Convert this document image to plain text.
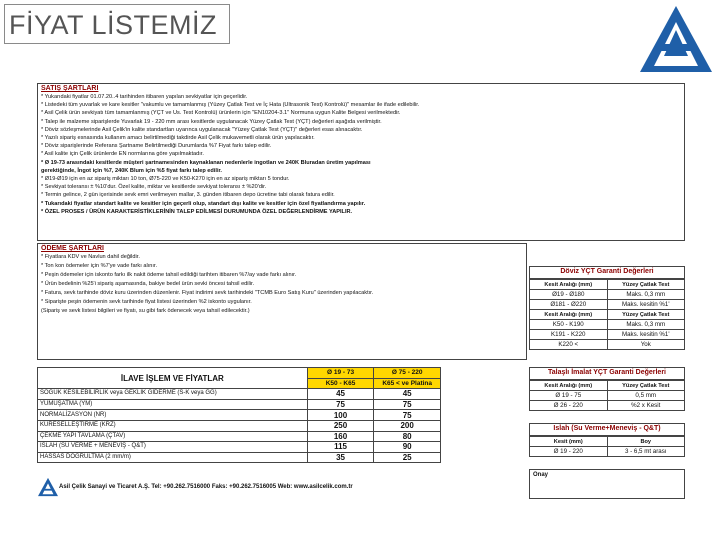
FİYAT LİSTEMİZ
SATIŞ ŞARTLARI
* Yukarıdaki fiyatlar 01.07.20..4 tarihinden itibaren yapılan sevkiyatlar için geçerlidir.
* Listedeki tüm yuvarlak ve kare kesitler "vakumlu ve tamamlanmış (Yüzey Çatlak Test ve İç Hata (Ultrasonik Test) Kontrolü)" mesamlar ile ifade edilebilir.
* Asil Çelik ürün sevkiyatı tüm tamamlanmış (YÇT ve Us. Test Kontrolü) ürünlerin için "EN10204-3.1" Normuna uygun Kalite Belgesi verilmektedir.
* Talep ile malzeme siparişlerde Yuvarlak 19 - 220 mm arası kesitlerde uygulanacak Yüzey Çatlak Test (YÇT) değerleri aşağıda verilmiştir.
* Döviz sözleşmelerinde Asil Çelik'in kalite standartları uyarınca uygulanacak "Yüzey Çatlak Test (YÇT)" değerleri esas alınacaktır.
* Yazılı sipariş esnasında kullanım amacı belirtilmediği takdirde Asil Çelik mukavemetli olarak ürün yapılacaktır.
* Döviz siparişlerinde Referans Şartname Belirtilmediği Durumlarda %7 Fiyat farkı talep edilir.
* Asil kalite için Çelik ürünlerde EN normlarına göre yapılmaktadır.
* Ø 19-73 arasındaki kesitlerde müşteri şartnamesinden kaynaklanan nedenlerle ingotları ve 240K Bluradan üretim yapılması
gerektiğinde, İngot için %7, 240K Blum için %5 fiyat farkı talep edilir.
* Ø19-Ø19 için en az sipariş miktarı 10 ton, Ø75-220 ve K50-K270 için en az sipariş miktarı 5 tondur.
* Sevkiyat toleransı ± %10'dur. Özel kalite, miktar ve kesitlerde sevkiyat toleransı ± %20'dir.
* Termin gelince, 2 gün içerisinde sevk emri verilmeyen mallar, 3. günden itibaren depo ücretine tabi olarak fatura edilir.
* Tukarıdaki fiyatlar standart kalite ve kesitler için geçerli olup, standart dışı kalite ve kesitler için özel fiyatlandırma yapılır.
* ÖZEL PROSES / ÜRÜN KARAKTERİSTİKLERİNİN TALEP EDİLMESİ DURUMUNDA ÖZEL DEĞERLENDİRME YAPILIR.
ÖDEME ŞARTLARI
* Fiyatlara KDV ve Navlun dahil değildir.
* Ton kon ödemeler için %7'ye vade farkı alınır.
* Peşin ödemeler için iskonto farkı ilk nakit ödeme tahsil edildiği tarihten itibaren %7/ay vade farkı alınır.
* Ürün bedelinin %25'i sipariş aşamasında, bakiye bedel ürün sevki öncesi tahsil edilir.
* Fatura, sevk tarihinde döviz kuru üzerinden düzenlenir. Fiyat indirimi sevk tarihindeki "TCMB Euro Satış Kuru" üzerinden yapılacaktır.
* Siparişte peşin ödemenin sevk tarihinde fiyat listesi üzerinden %2 iskonto uygulanır.
(Sipariş ve sevk listesi bilgileri ve fiyatı, su gibi fark ödenecek veya tahsil edilecektir.)
Döviz YÇT Garanti Değerleri
Kesit Aralığı (mm)	Yüzey Çatlak Test
Ø19 - Ø180	Maks. 0,3 mm
Ø181 - Ø220	Maks. kesitin %1'
Kesit Aralığı (mm)	Yüzey Çatlak Test
K50 - K190	Maks. 0,3 mm
K191 - K220	Maks. kesitin %1'
K220 <	Yok
İLAVE İŞLEM VE FİYATLAR	Ø 19 - 73	Ø 75 - 220
	K50 - K65	K65 < ve Platina
SOĞUK KESİLEBİLİRLİK veya GEKLİK GİDERME (S-K veya GG)	45	45
YUMUŞATMA (YM)	75	75
NORMALİZASYON (NR)	100	75
KÜRESELLEŞTİRME (KRZ)	250	200
ÇEKME YAPI TAVLAMA (ÇTAV)	160	80
ISLAH (SU VERME + MENEVİŞ - Q&T)	115	90
HASSAS DOĞRULTMA (2 mm/m)	35	25
Talaşlı İmalat YÇT Garanti Değerleri
Kesit Aralığı (mm)	Yüzey Çatlak Test
Ø 19 - 75	0,5 mm
Ø 26 - 220	%2 x Kesit
Islah (Su Verme+Meneviş - Q&T)
Kesit (mm)	Boy
Ø 19 - 220	3 - 6,5 mt arası
Onay
Asil Çelik Sanayi ve Ticaret A.Ş. Tel: +90.262.7516000 Faks: +90.262.7516005 Web: www.asilcelik.com.tr
